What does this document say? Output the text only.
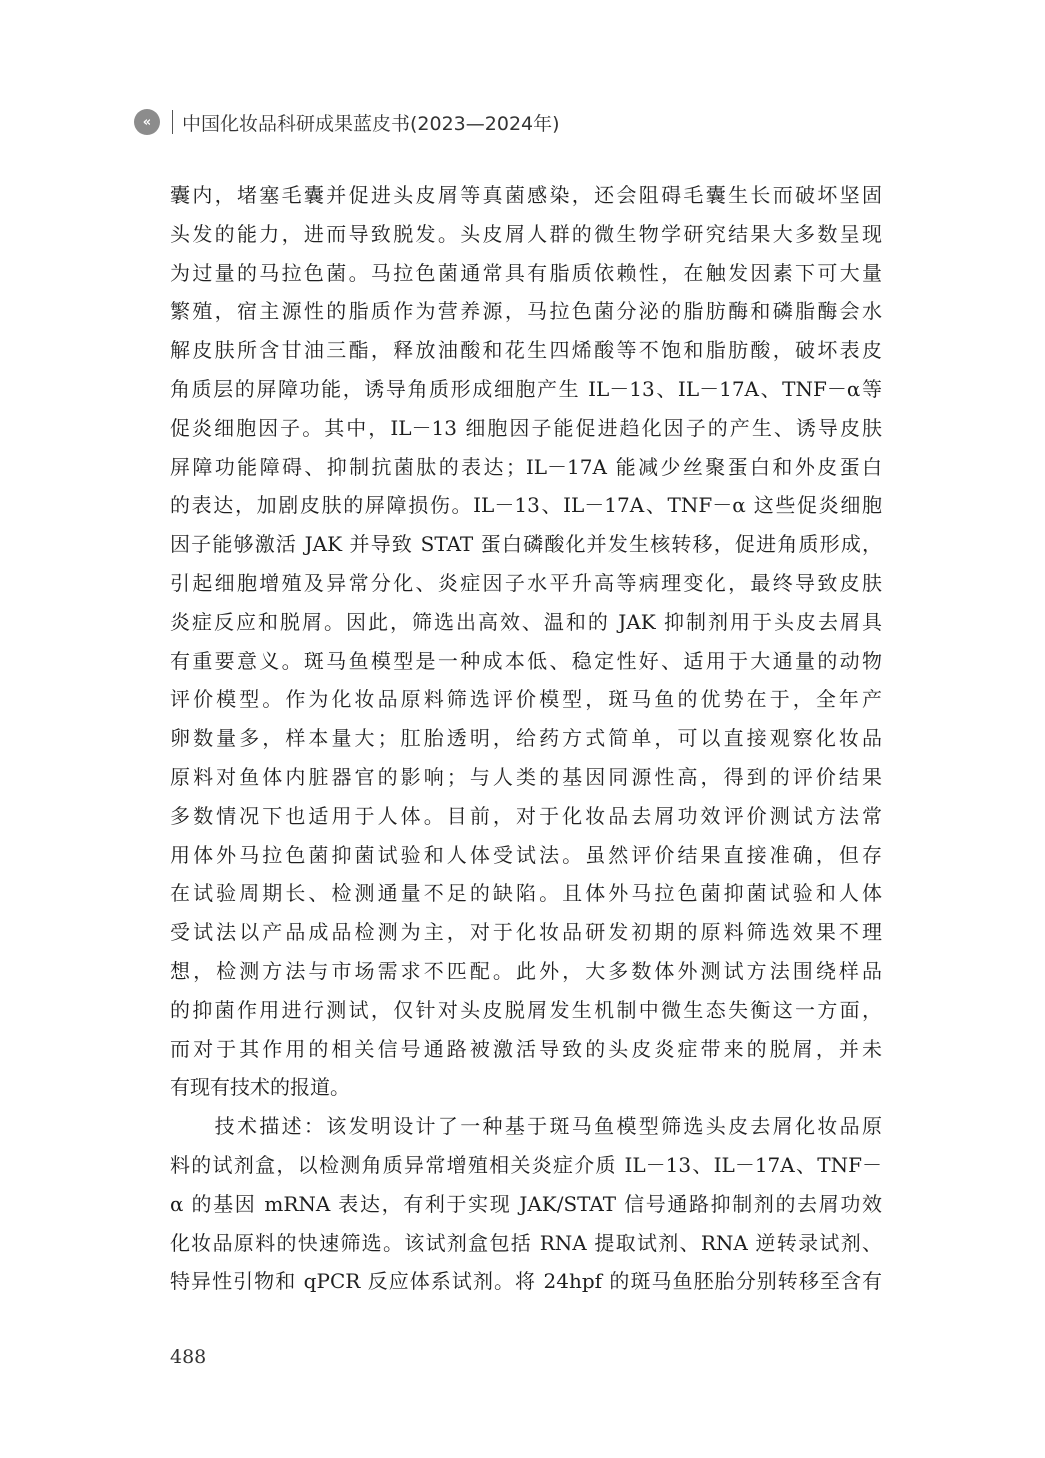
«	中国化妆品科研成果蓝皮书(2023—2024年)
囊内，堵塞毛囊并促进头皮屑等真菌感染，还会阻碍毛囊生长而破坏坚固
头发的能力，进而导致脱发。头皮屑人群的微生物学研究结果大多数呈现
为过量的马拉色菌。马拉色菌通常具有脂质依赖性，在触发因素下可大量
繁殖，宿主源性的脂质作为营养源，马拉色菌分泌的脂肪酶和磷脂酶会水
解皮肤所含甘油三酯，释放油酸和花生四烯酸等不饱和脂肪酸，破坏表皮
角质层的屏障功能，诱导角质形成细胞产生 IL－13、IL－17A、TNF－α等
促炎细胞因子。其中，IL－13 细胞因子能促进趋化因子的产生、诱导皮肤
屏障功能障碍、抑制抗菌肽的表达；IL－17A 能减少丝聚蛋白和外皮蛋白
的表达，加剧皮肤的屏障损伤。IL－13、IL－17A、TNF－α 这些促炎细胞
因子能够激活 JAK 并导致 STAT 蛋白磷酸化并发生核转移，促进角质形成，
引起细胞增殖及异常分化、炎症因子水平升高等病理变化，最终导致皮肤
炎症反应和脱屑。因此，筛选出高效、温和的 JAK 抑制剂用于头皮去屑具
有重要意义。斑马鱼模型是一种成本低、稳定性好、适用于大通量的动物
评价模型。作为化妆品原料筛选评价模型，斑马鱼的优势在于，全年产
卵数量多，样本量大；肛胎透明，给药方式简单，可以直接观察化妆品
原料对鱼体内脏器官的影响；与人类的基因同源性高，得到的评价结果
多数情况下也适用于人体。目前，对于化妆品去屑功效评价测试方法常
用体外马拉色菌抑菌试验和人体受试法。虽然评价结果直接准确，但存
在试验周期长、检测通量不足的缺陷。且体外马拉色菌抑菌试验和人体
受试法以产品成品检测为主，对于化妆品研发初期的原料筛选效果不理
想，检测方法与市场需求不匹配。此外，大多数体外测试方法围绕样品
的抑菌作用进行测试，仅针对头皮脱屑发生机制中微生态失衡这一方面，
而对于其作用的相关信号通路被激活导致的头皮炎症带来的脱屑，并未
有现有技术的报道。
　　技术描述：该发明设计了一种基于斑马鱼模型筛选头皮去屑化妆品原
料的试剂盒，以检测角质异常增殖相关炎症介质 IL－13、IL－17A、TNF－
α 的基因 mRNA 表达，有利于实现 JAK/STAT 信号通路抑制剂的去屑功效
化妆品原料的快速筛选。该试剂盒包括 RNA 提取试剂、RNA 逆转录试剂、
特异性引物和 qPCR 反应体系试剂。将 24hpf 的斑马鱼胚胎分别转移至含有
488
